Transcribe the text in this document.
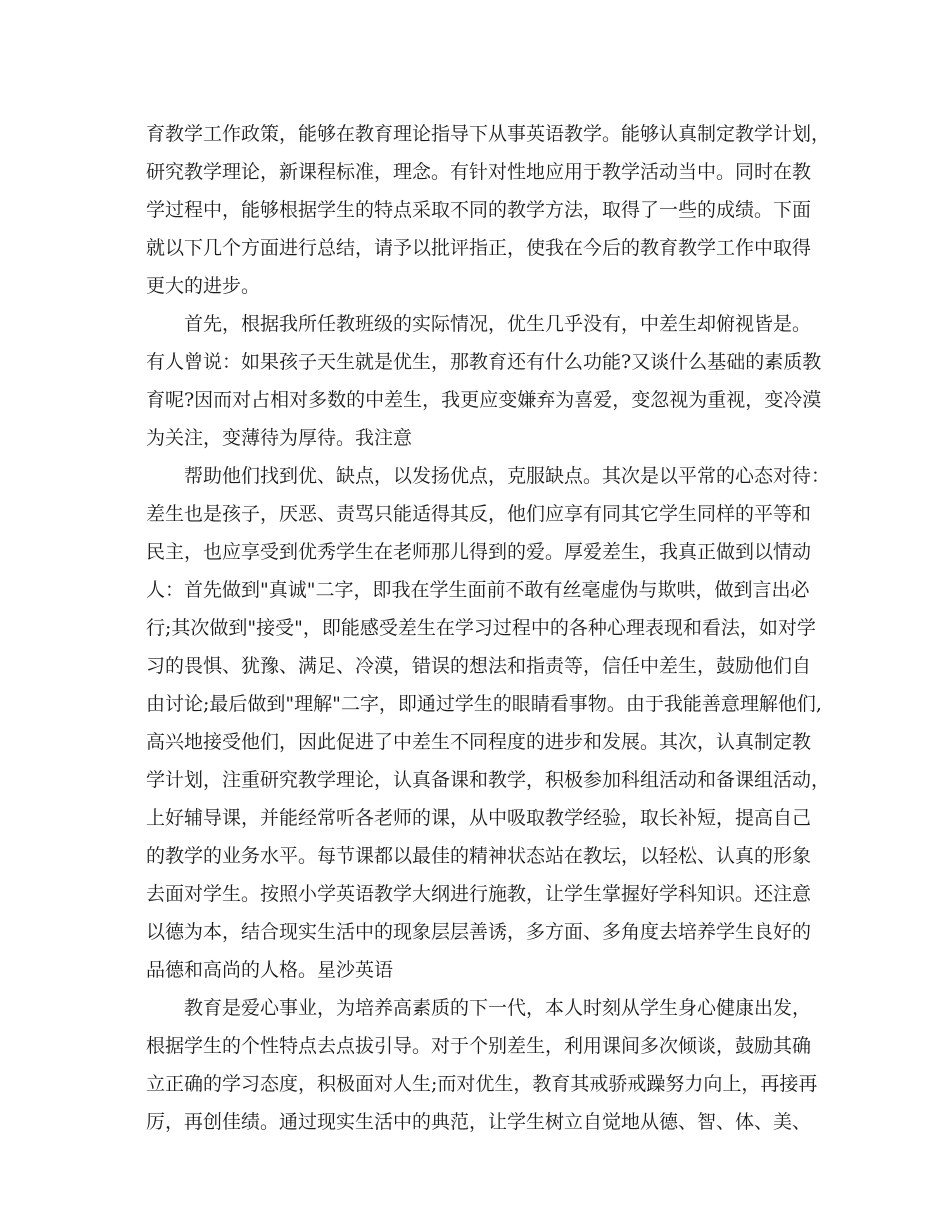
育教学工作政策，能够在教育理论指导下从事英语教学。能够认真制定教学计划，
研究教学理论，新课程标准，理念。有针对性地应用于教学活动当中。同时在教
学过程中，能够根据学生的特点采取不同的教学方法，取得了一些的成绩。下面
就以下几个方面进行总结，请予以批评指正，使我在今后的教育教学工作中取得
更大的进步。
　　首先，根据我所任教班级的实际情况，优生几乎没有，中差生却俯视皆是。
有人曾说：如果孩子天生就是优生，那教育还有什么功能?又谈什么基础的素质教
育呢?因而对占相对多数的中差生，我更应变嫌弃为喜爱，变忽视为重视，变冷漠
为关注，变薄待为厚待。我注意
　　帮助他们找到优、缺点，以发扬优点，克服缺点。其次是以平常的心态对待：
差生也是孩子，厌恶、责骂只能适得其反，他们应享有同其它学生同样的平等和
民主，也应享受到优秀学生在老师那儿得到的爱。厚爱差生，我真正做到以情动
人：首先做到"真诚"二字，即我在学生面前不敢有丝毫虚伪与欺哄，做到言出必
行;其次做到"接受"，即能感受差生在学习过程中的各种心理表现和看法，如对学
习的畏惧、犹豫、满足、冷漠，错误的想法和指责等，信任中差生，鼓励他们自
由讨论;最后做到"理解"二字，即通过学生的眼睛看事物。由于我能善意理解他们,
高兴地接受他们，因此促进了中差生不同程度的进步和发展。其次，认真制定教
学计划，注重研究教学理论，认真备课和教学，积极参加科组活动和备课组活动，
上好辅导课，并能经常听各老师的课，从中吸取教学经验，取长补短，提高自己
的教学的业务水平。每节课都以最佳的精神状态站在教坛，以轻松、认真的形象
去面对学生。按照小学英语教学大纲进行施教，让学生掌握好学科知识。还注意
以德为本，结合现实生活中的现象层层善诱，多方面、多角度去培养学生良好的
品德和高尚的人格。星沙英语
　　教育是爱心事业，为培养高素质的下一代，本人时刻从学生身心健康出发，
根据学生的个性特点去点拔引导。对于个别差生，利用课间多次倾谈，鼓励其确
立正确的学习态度，积极面对人生;而对优生，教育其戒骄戒躁努力向上，再接再
厉，再创佳绩。通过现实生活中的典范，让学生树立自觉地从德、智、体、美、
